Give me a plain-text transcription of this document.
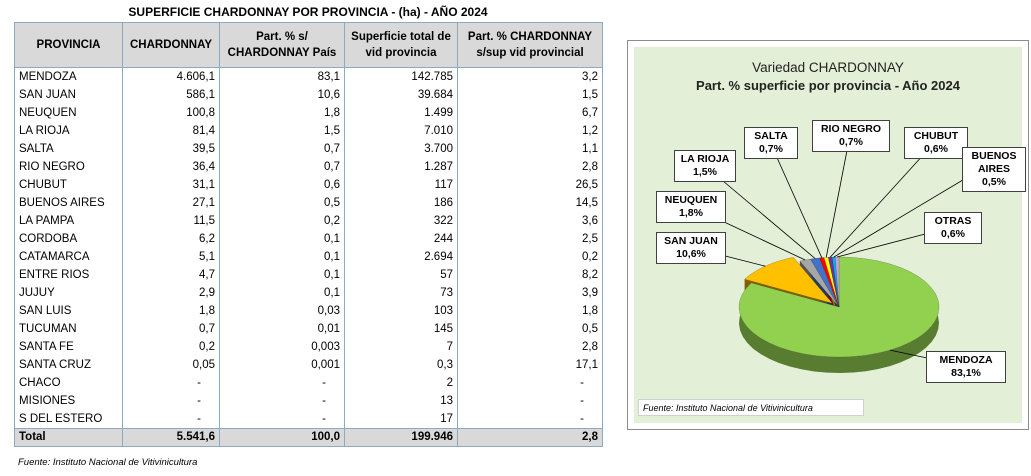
SUPERFICIE CHARDONNAY POR PROVINCIA - (ha) - AÑO 2024
PROVINCIA	CHARDONNAY	Part. % s/ CHARDONNAY País	Superficie total de vid provincia	Part. % CHARDONNAY s/sup vid provincial
MENDOZA	4.606,1	83,1	142.785	3,2
SAN JUAN	586,1	10,6	39.684	1,5
NEUQUEN	100,8	1,8	1.499	6,7
LA RIOJA	81,4	1,5	7.010	1,2
SALTA	39,5	0,7	3.700	1,1
RIO NEGRO	36,4	0,7	1.287	2,8
CHUBUT	31,1	0,6	117	26,5
BUENOS AIRES	27,1	0,5	186	14,5
LA PAMPA	11,5	0,2	322	3,6
CORDOBA	6,2	0,1	244	2,5
CATAMARCA	5,1	0,1	2.694	0,2
ENTRE RIOS	4,7	0,1	57	8,2
JUJUY	2,9	0,1	73	3,9
SAN LUIS	1,8	0,03	103	1,8
TUCUMAN	0,7	0,01	145	0,5
SANTA FE	0,2	0,003	7	2,8
SANTA CRUZ	0,05	0,001	0,3	17,1
CHACO	-	-	2	-
MISIONES	-	-	13	-
S DEL ESTERO	-	-	17	-
Total	5.541,6	100,0	199.946	2,8
Fuente: Instituto Nacional de Vitivinicultura
Variedad CHARDONNAY
Part. % superficie por provincia - Año 2024
MENDOZA
83,1%
SAN JUAN
10,6%
NEUQUEN
1,8%
LA RIOJA
1,5%
SALTA
0,7%
RIO NEGRO
0,7%	CHUBUT
0,6%
BUENOS
AIRES
0,5%
OTRAS
0,6%
Fuente: Instituto Nacional de Vitivinicultura
